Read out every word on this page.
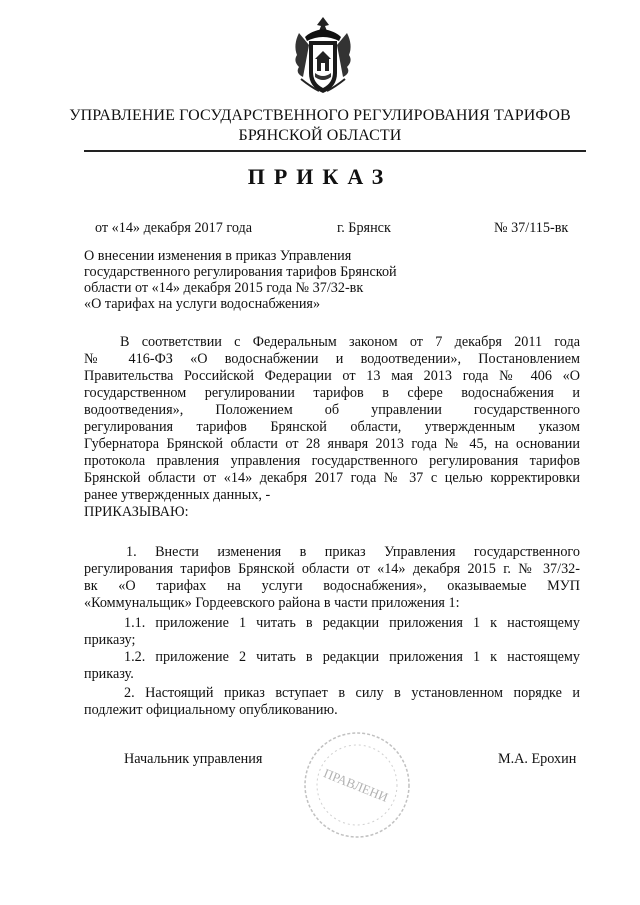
УПРАВЛЕНИЕ ГОСУДАРСТВЕННОГО РЕГУЛИРОВАНИЯ ТАРИФОВ
БРЯНСКОЙ ОБЛАСТИ
ПРИКАЗ
от «14» декабря 2017 года	г. Брянск	№ 37/115-вк
О внесении изменения в приказ Управления
государственного регулирования тарифов Брянской
области от «14» декабря 2015 года № 37/32-вк
«О тарифах на услуги водоснабжения»
В соответствии с Федеральным законом от 7 декабря 2011 года
№ 416-ФЗ «О водоснабжении и водоотведении», Постановлением
Правительства Российской Федерации от 13 мая 2013 года № 406 «О
государственном регулировании тарифов в сфере водоснабжения и
водоотведения», Положением об управлении государственного
регулирования тарифов Брянской области, утвержденным указом
Губернатора Брянской области от 28 января 2013 года № 45, на основании
протокола правления управления государственного регулирования тарифов
Брянской области от «14» декабря 2017 года № 37 с целью корректировки
ранее утвержденных данных, -
ПРИКАЗЫВАЮ:
1. Внести изменения в приказ Управления государственного
регулирования тарифов Брянской области от «14» декабря 2015 г. № 37/32-
вк «О тарифах на услуги водоснабжения», оказываемые МУП
«Коммунальщик» Гордеевского района в части приложения 1:
1.1. приложение 1 читать в редакции приложения 1 к настоящему
приказу;
1.2. приложение 2 читать в редакции приложения 1 к настоящему
приказу.
2. Настоящий приказ вступает в силу в установленном порядке и
подлежит официальному опубликованию.
Начальник управления	М.А. Ерохин
ПРАВЛЕНИ
